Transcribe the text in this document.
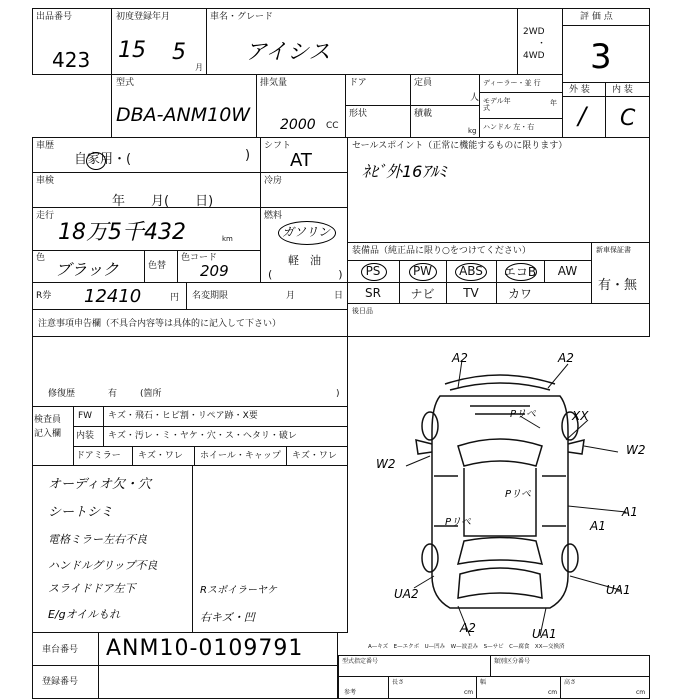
出品番号
423
初度登録年月
15 5
月
車名・グレード
アイシス
2WD
・
4WD
評 価 点
3
型式
DBA-ANM10W
排気量
2000 CC
ドア	定員
人
ディーラー・並 行
モデル年式
年
ハンドル 左・右
形状	積載
kg
外 装 内 装
/ C
車歴
自家用・(	)
シフト
AT
車検
年　　月(　　日)
冷房
走行
18万5千432	km
燃料
ガソリン
軽　油
(　　　　　　)
色
ブラック	色替
色コード
209
R券 12410	円 名変期限	月	日
セールスポイント（正常に機能するものに限ります）
ﾈﾋﾞ外16ｱﾙﾐ
装備品（純正品に限り○をつけてください）	新車保証書
有・無
PS	PW	ABS	エコB	AW
SR	ナビ	TV	カワ
後日品
注意事項申告欄（不具合内容等は具体的に記入して下さい）
修復歴	有	(箇所	)
検査員
記入欄
FW キズ・飛石・ヒビ割・リペア跡・X要
内装 キズ・汚レ・ミ・ヤケ・穴・ス・ヘタリ・破レ
ドアミラー キズ・ワレ ホイール・キャップ キズ・ワレ
オーディオ欠・穴
シートシミ
電格ミラー左右不良
ハンドルグリップ不良
スライドドア左下
E/gオイルもれ
Rスポイラーヤケ
右キズ・凹
A2	A2
Pリペ	XX
W2
W2
Pリペ
A1
Pリペ	A1
UA2	UA1
A2	UA1
A—キズ　E—エクボ　U—凹み　W—波歪み　S—サビ　C—腐食　XX—交換済
車台番号 ANM10-0109791
登録番号
型式指定番号	類別区分番号
長さ	幅	高さ
参考	cm	cm	cm
